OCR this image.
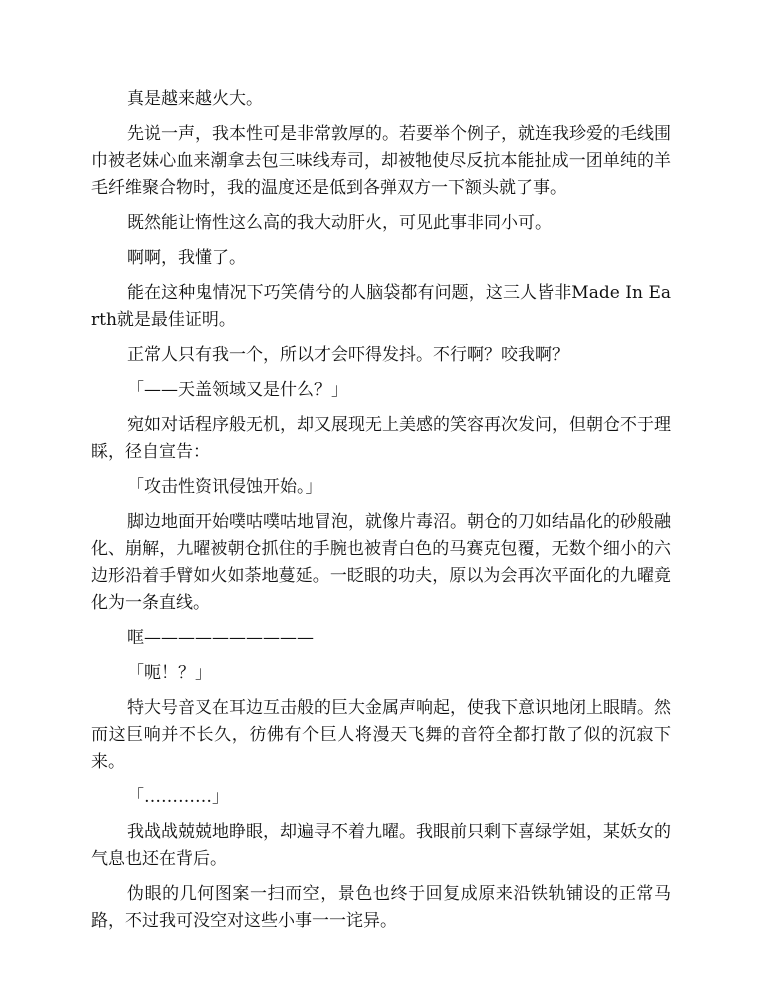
真是越来越火大。

先说一声，我本性可是非常敦厚的。若要举个例子，就连我珍爱的毛线围巾被老妹心血来潮拿去包三味线寿司，却被牠使尽反抗本能扯成一团单纯的羊毛纤维聚合物时，我的温度还是低到各弹双方一下额头就了事。

既然能让惰性这么高的我大动肝火，可见此事非同小可。

啊啊，我懂了。

能在这种鬼情况下巧笑倩兮的人脑袋都有问题，这三人皆非Made In Earth就是最佳证明。

正常人只有我一个，所以才会吓得发抖。不行啊？咬我啊？

「——天盖领域又是什么？」

宛如对话程序般无机，却又展现无上美感的笑容再次发问，但朝仓不于理睬，径自宣告：

「攻击性资讯侵蚀开始。」

脚边地面开始噗咕噗咕地冒泡，就像片毒沼。朝仓的刀如结晶化的砂般融化、崩解，九曜被朝仓抓住的手腕也被青白色的马赛克包覆，无数个细小的六边形沿着手臂如火如荼地蔓延。一眨眼的功夫，原以为会再次平面化的九曜竟化为一条直线。

哐——————————

「呃！？」

特大号音叉在耳边互击般的巨大金属声响起，使我下意识地闭上眼睛。然而这巨响并不长久，彷佛有个巨人将漫天飞舞的音符全都打散了似的沉寂下来。

「…………」

我战战兢兢地睁眼，却遍寻不着九曜。我眼前只剩下喜绿学姐，某妖女的气息也还在背后。

伪眼的几何图案一扫而空，景色也终于回复成原来沿铁轨铺设的正常马路，不过我可没空对这些小事一一诧异。
